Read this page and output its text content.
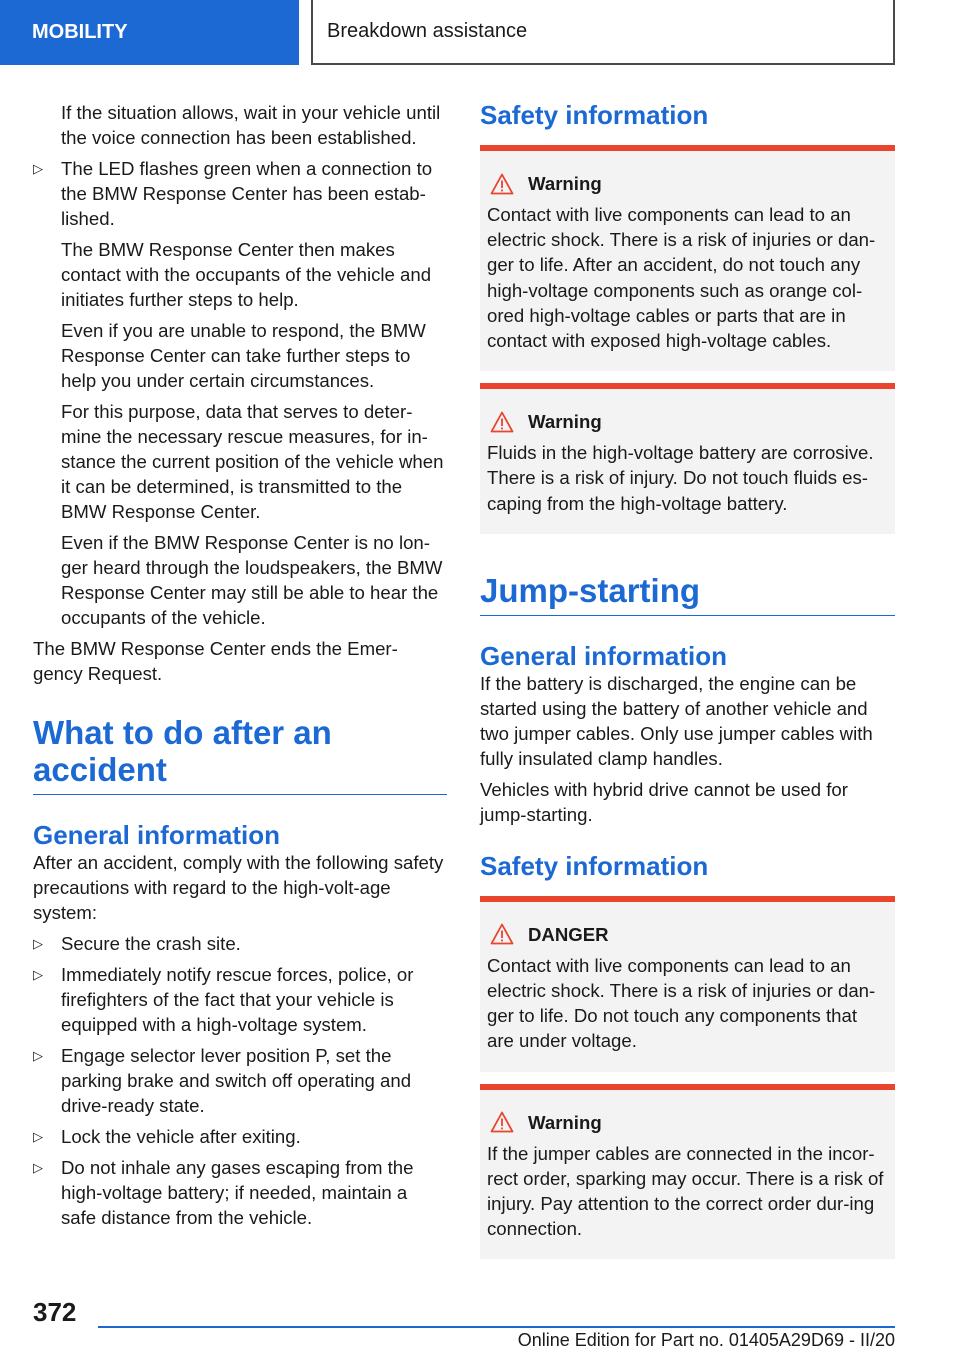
MOBILITY	Breakdown assistance

If the situation allows, wait in your vehicle until the voice connection has been established.

▷ The LED flashes green when a connection to the BMW Response Center has been estab-lished.

The BMW Response Center then makes contact with the occupants of the vehicle and initiates further steps to help.

Even if you are unable to respond, the BMW Response Center can take further steps to help you under certain circumstances.

For this purpose, data that serves to deter-mine the necessary rescue measures, for in-stance the current position of the vehicle when it can be determined, is transmitted to the BMW Response Center.

Even if the BMW Response Center is no lon-ger heard through the loudspeakers, the BMW Response Center may still be able to hear the occupants of the vehicle.

The BMW Response Center ends the Emer-gency Request.

What to do after an accident
General information

After an accident, comply with the following safety precautions with regard to the high-volt-age system:

▷ Secure the crash site.

▷ Immediately notify rescue forces, police, or firefighters of the fact that your vehicle is equipped with a high-voltage system.

▷ Engage selector lever position P, set the parking brake and switch off operating and drive-ready state.

▷ Lock the vehicle after exiting.

▷ Do not inhale any gases escaping from the high-voltage battery; if needed, maintain a safe distance from the vehicle.

Safety information
Warning

Contact with live components can lead to an electric shock. There is a risk of injuries or dan-ger to life. After an accident, do not touch any high-voltage components such as orange col-ored high-voltage cables or parts that are in contact with exposed high-voltage cables.

Warning

Fluids in the high-voltage battery are corrosive. There is a risk of injury. Do not touch fluids es-caping from the high-voltage battery.

Jump-starting
General information

If the battery is discharged, the engine can be started using the battery of another vehicle and two jumper cables. Only use jumper cables with fully insulated clamp handles.

Vehicles with hybrid drive cannot be used for jump-starting.

Safety information
DANGER

Contact with live components can lead to an electric shock. There is a risk of injuries or dan-ger to life. Do not touch any components that are under voltage.

Warning

If the jumper cables are connected in the incor-rect order, sparking may occur. There is a risk of injury. Pay attention to the correct order dur-ing connection.

372
Online Edition for Part no. 01405A29D69 - II/20
